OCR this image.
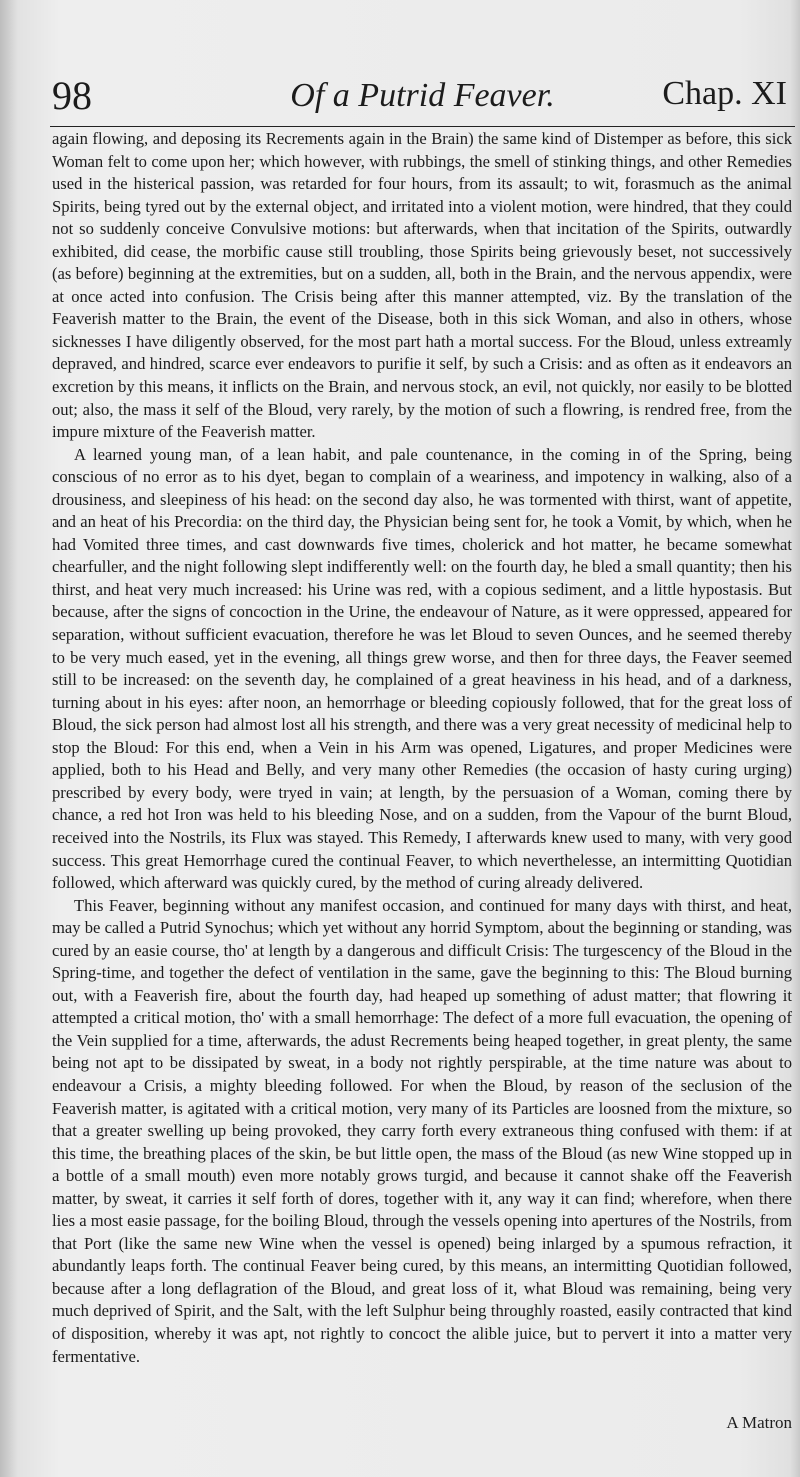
98	Of a Putrid Feaver.	Chap. XI

again flowing, and deposing its Recrements again in the Brain) the same kind of Distemper as before, this sick Woman felt to come upon her; which however, with rubbings, the smell of stinking things, and other Remedies used in the histerical passion, was retarded for four hours, from its assault; to wit, forasmuch as the animal Spirits, being tyred out by the external object, and irritated into a violent motion, were hindred, that they could not so suddenly conceive Convulsive motions: but afterwards, when that incitation of the Spirits, outwardly exhibited, did cease, the morbific cause still troubling, those Spirits being grievously beset, not successively (as before) beginning at the extremities, but on a sudden, all, both in the Brain, and the nervous appendix, were at once acted into confusion. The Crisis being after this manner attempted, viz. By the translation of the Feaverish matter to the Brain, the event of the Disease, both in this sick Woman, and also in others, whose sicknesses I have diligently observed, for the most part hath a mortal success. For the Bloud, unless extreamly depraved, and hindred, scarce ever endeavors to purifie it self, by such a Crisis: and as often as it endeavors an excretion by this means, it inflicts on the Brain, and nervous stock, an evil, not quickly, nor easily to be blotted out; also, the mass it self of the Bloud, very rarely, by the motion of such a flowring, is rendred free, from the impure mixture of the Feaverish matter.

A learned young man, of a lean habit, and pale countenance, in the coming in of the Spring, being conscious of no error as to his dyet, began to complain of a weariness, and impotency in walking, also of a drousiness, and sleepiness of his head: on the second day also, he was tormented with thirst, want of appetite, and an heat of his Precordia: on the third day, the Physician being sent for, he took a Vomit, by which, when he had Vomited three times, and cast downwards five times, cholerick and hot matter, he became somewhat chearfuller, and the night following slept indifferently well: on the fourth day, he bled a small quantity; then his thirst, and heat very much increased: his Urine was red, with a copious sediment, and a little hypostasis. But because, after the signs of concoction in the Urine, the endeavour of Nature, as it were oppressed, appeared for separation, without sufficient evacuation, therefore he was let Bloud to seven Ounces, and he seemed thereby to be very much eased, yet in the evening, all things grew worse, and then for three days, the Feaver seemed still to be increased: on the seventh day, he complained of a great heaviness in his head, and of a darkness, turning about in his eyes: after noon, an hemorrhage or bleeding copiously followed, that for the great loss of Bloud, the sick person had almost lost all his strength, and there was a very great necessity of medicinal help to stop the Bloud: For this end, when a Vein in his Arm was opened, Ligatures, and proper Medicines were applied, both to his Head and Belly, and very many other Remedies (the occasion of hasty curing urging) prescribed by every body, were tryed in vain; at length, by the persuasion of a Woman, coming there by chance, a red hot Iron was held to his bleeding Nose, and on a sudden, from the Vapour of the burnt Bloud, received into the Nostrils, its Flux was stayed. This Remedy, I afterwards knew used to many, with very good success. This great Hemorrhage cured the continual Feaver, to which neverthelesse, an intermitting Quotidian followed, which afterward was quickly cured, by the method of curing already delivered.

This Feaver, beginning without any manifest occasion, and continued for many days with thirst, and heat, may be called a Putrid Synochus; which yet without any horrid Symptom, about the beginning or standing, was cured by an easie course, tho' at length by a dangerous and difficult Crisis: The turgescency of the Bloud in the Spring-time, and together the defect of ventilation in the same, gave the beginning to this: The Bloud burning out, with a Feaverish fire, about the fourth day, had heaped up something of adust matter; that flowring it attempted a critical motion, tho' with a small hemorrhage: The defect of a more full evacuation, the opening of the Vein supplied for a time, afterwards, the adust Recrements being heaped together, in great plenty, the same being not apt to be dissipated by sweat, in a body not rightly perspirable, at the time nature was about to endeavour a Crisis, a mighty bleeding followed. For when the Bloud, by reason of the seclusion of the Feaverish matter, is agitated with a critical motion, very many of its Particles are loosned from the mixture, so that a greater swelling up being provoked, they carry forth every extraneous thing confused with them: if at this time, the breathing places of the skin, be but little open, the mass of the Bloud (as new Wine stopped up in a bottle of a small mouth) even more notably grows turgid, and because it cannot shake off the Feaverish matter, by sweat, it carries it self forth of dores, together with it, any way it can find; wherefore, when there lies a most easie passage, for the boiling Bloud, through the vessels opening into apertures of the Nostrils, from that Port (like the same new Wine when the vessel is opened) being inlarged by a spumous refraction, it abundantly leaps forth. The continual Feaver being cured, by this means, an intermitting Quotidian followed, because after a long deflagration of the Bloud, and great loss of it, what Bloud was remaining, being very much deprived of Spirit, and the Salt, with the left Sulphur being throughly roasted, easily contracted that kind of disposition, whereby it was apt, not rightly to concoct the alible juice, but to pervert it into a matter very fermentative.

A Matron
